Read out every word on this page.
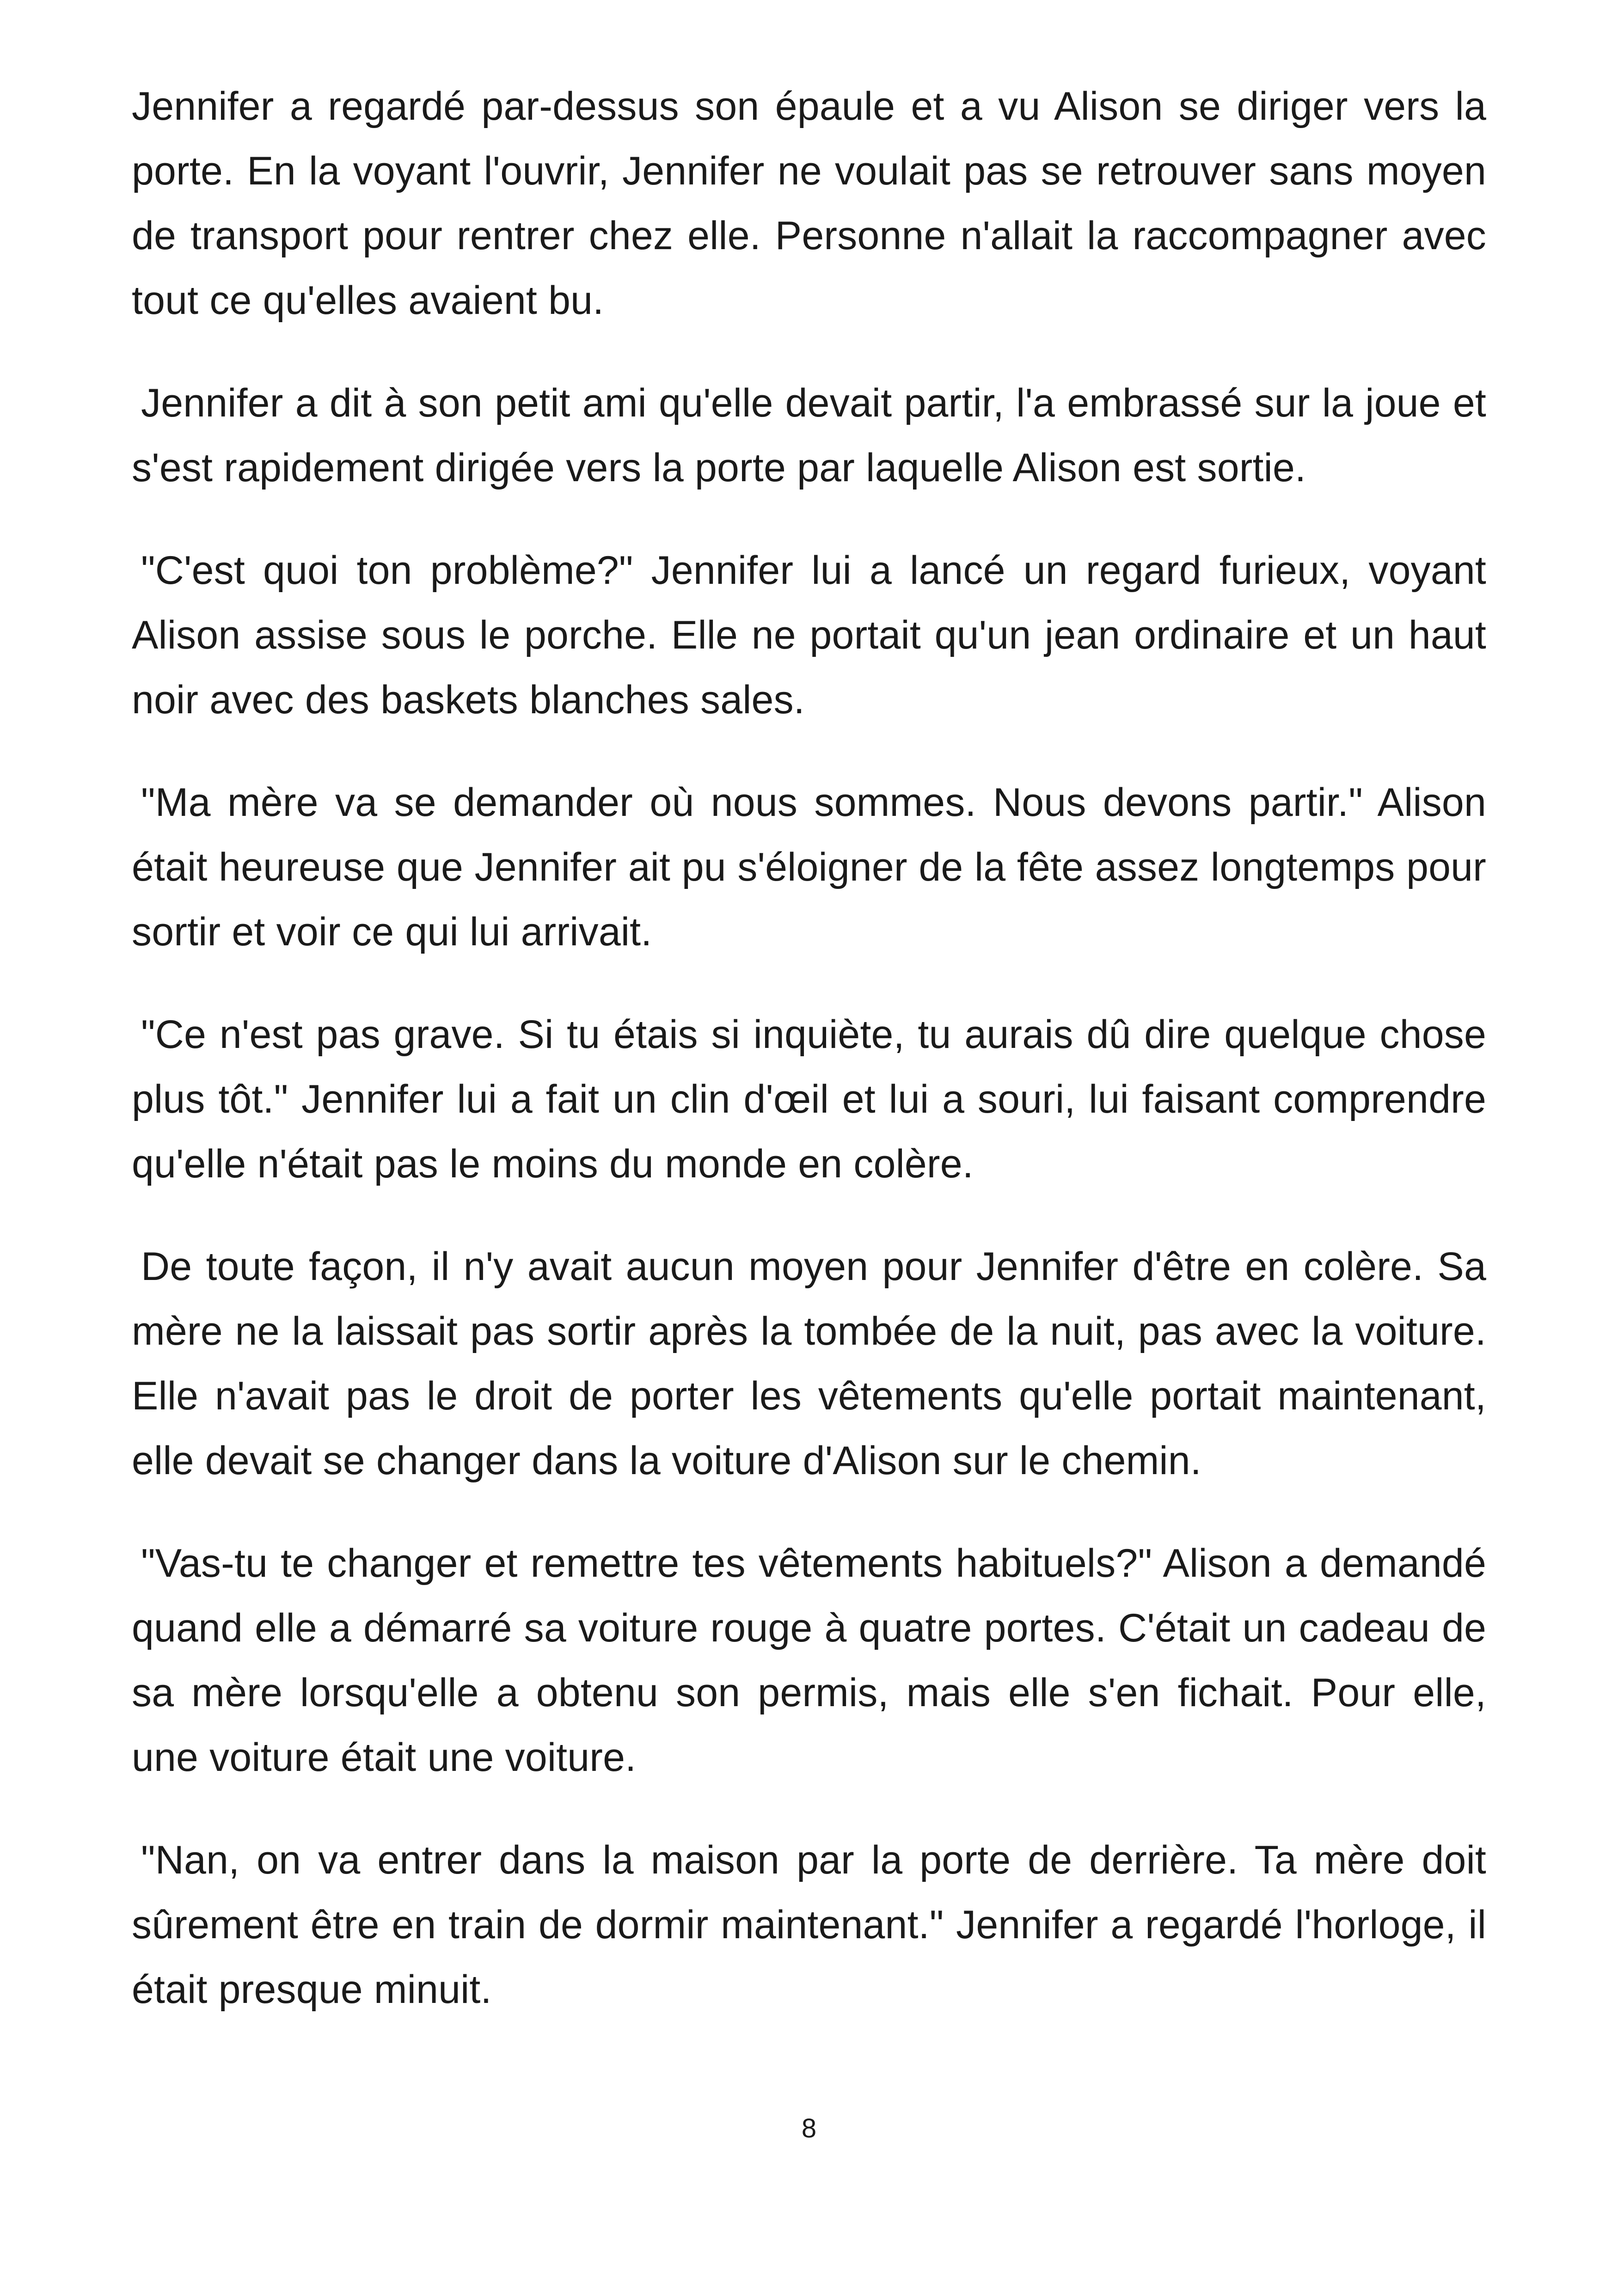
Jennifer a regardé par-dessus son épaule et a vu Alison se diriger vers la porte. En la voyant l'ouvrir, Jennifer ne voulait pas se retrouver sans moyen de transport pour rentrer chez elle. Personne n'allait la raccompagner avec tout ce qu'elles avaient bu.

Jennifer a dit à son petit ami qu'elle devait partir, l'a embrassé sur la joue et s'est rapidement dirigée vers la porte par laquelle Alison est sortie.

"C'est quoi ton problème?" Jennifer lui a lancé un regard furieux, voyant Alison assise sous le porche. Elle ne portait qu'un jean ordinaire et un haut noir avec des baskets blanches sales.

"Ma mère va se demander où nous sommes. Nous devons partir." Alison était heureuse que Jennifer ait pu s'éloigner de la fête assez longtemps pour sortir et voir ce qui lui arrivait.

"Ce n'est pas grave. Si tu étais si inquiète, tu aurais dû dire quelque chose plus tôt." Jennifer lui a fait un clin d'œil et lui a souri, lui faisant comprendre qu'elle n'était pas le moins du monde en colère.

De toute façon, il n'y avait aucun moyen pour Jennifer d'être en colère. Sa mère ne la laissait pas sortir après la tombée de la nuit, pas avec la voiture. Elle n'avait pas le droit de porter les vêtements qu'elle portait maintenant, elle devait se changer dans la voiture d'Alison sur le chemin.

"Vas-tu te changer et remettre tes vêtements habituels?" Alison a demandé quand elle a démarré sa voiture rouge à quatre portes. C'était un cadeau de sa mère lorsqu'elle a obtenu son permis, mais elle s'en fichait. Pour elle, une voiture était une voiture.

"Nan, on va entrer dans la maison par la porte de derrière. Ta mère doit sûrement être en train de dormir maintenant." Jennifer a regardé l'horloge, il était presque minuit.

8
